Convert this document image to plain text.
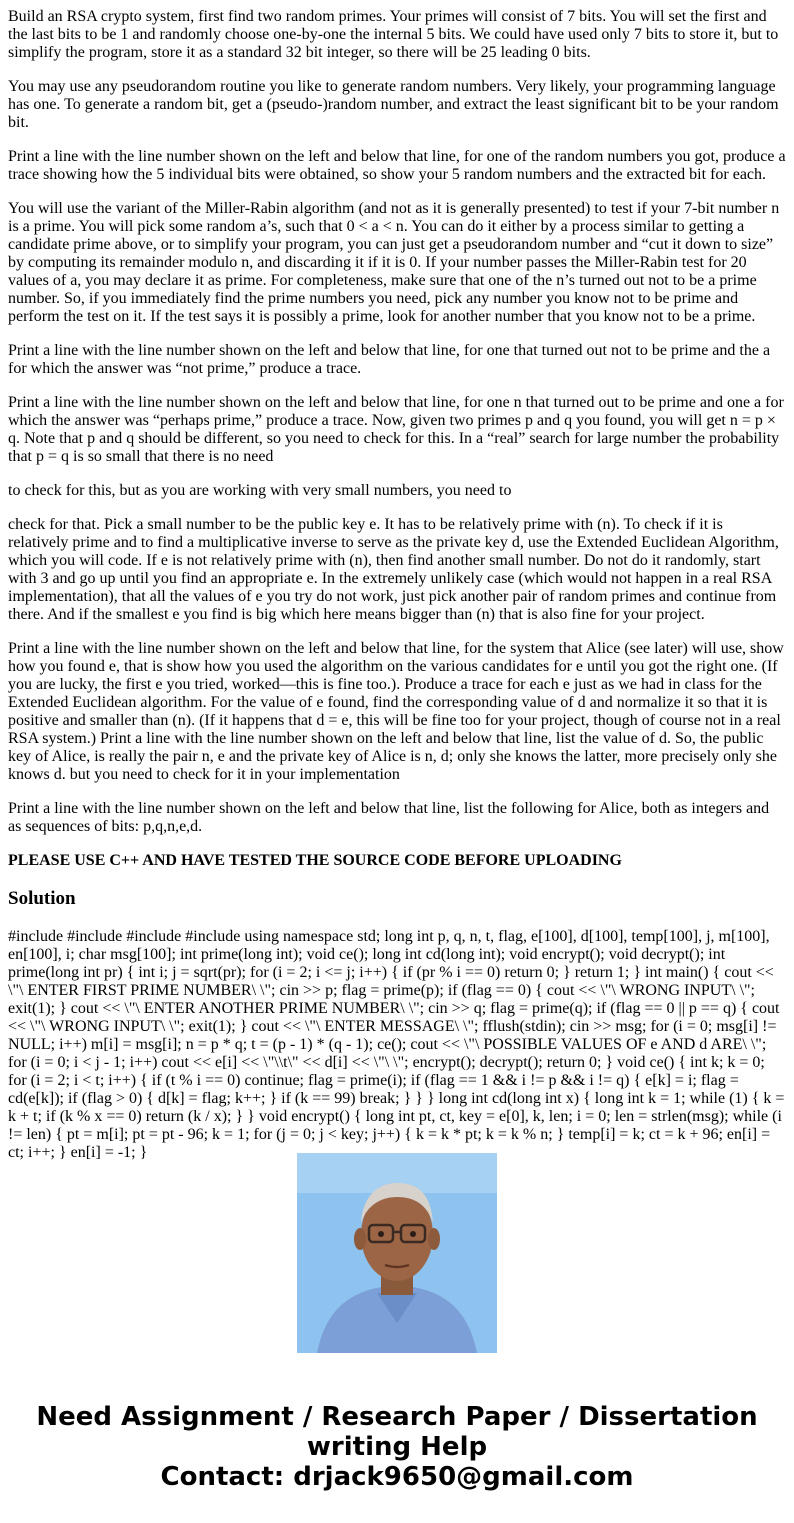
Build an RSA crypto system, first find two random primes. Your primes will consist of 7 bits. You will set the first and the last bits to be 1 and randomly choose one-by-one the internal 5 bits. We could have used only 7 bits to store it, but to simplify the program, store it as a standard 32 bit integer, so there will be 25 leading 0 bits.

You may use any pseudorandom routine you like to generate random numbers. Very likely, your programming language has one. To generate a random bit, get a (pseudo-)random number, and extract the least significant bit to be your random bit.

Print a line with the line number shown on the left and below that line, for one of the random numbers you got, produce a trace showing how the 5 individual bits were obtained, so show your 5 random numbers and the extracted bit for each.

You will use the variant of the Miller-Rabin algorithm (and not as it is generally presented) to test if your 7-bit number n is a prime. You will pick some random a’s, such that 0 < a < n. You can do it either by a process similar to getting a candidate prime above, or to simplify your program, you can just get a pseudorandom number and “cut it down to size” by computing its remainder modulo n, and discarding it if it is 0. If your number passes the Miller-Rabin test for 20 values of a, you may declare it as prime. For completeness, make sure that one of the n’s turned out not to be a prime number. So, if you immediately find the prime numbers you need, pick any number you know not to be prime and perform the test on it. If the test says it is possibly a prime, look for another number that you know not to be a prime.

Print a line with the line number shown on the left and below that line, for one that turned out not to be prime and the a for which the answer was “not prime,” produce a trace.

Print a line with the line number shown on the left and below that line, for one n that turned out to be prime and one a for which the answer was “perhaps prime,” produce a trace. Now, given two primes p and q you found, you will get n = p × q. Note that p and q should be different, so you need to check for this. In a “real” search for large number the probability that p = q is so small that there is no need

to check for this, but as you are working with very small numbers, you need to

check for that. Pick a small number to be the public key e. It has to be relatively prime with (n). To check if it is relatively prime and to find a multiplicative inverse to serve as the private key d, use the Extended Euclidean Algorithm, which you will code. If e is not relatively prime with (n), then find another small number. Do not do it randomly, start with 3 and go up until you find an appropriate e. In the extremely unlikely case (which would not happen in a real RSA implementation), that all the values of e you try do not work, just pick another pair of random primes and continue from there. And if the smallest e you find is big which here means bigger than (n) that is also fine for your project.

Print a line with the line number shown on the left and below that line, for the system that Alice (see later) will use, show how you found e, that is show how you used the algorithm on the various candidates for e until you got the right one. (If you are lucky, the first e you tried, worked—this is fine too.). Produce a trace for each e just as we had in class for the Extended Euclidean algorithm. For the value of e found, find the corresponding value of d and normalize it so that it is positive and smaller than (n). (If it happens that d = e, this will be fine too for your project, though of course not in a real RSA system.) Print a line with the line number shown on the left and below that line, list the value of d. So, the public key of Alice, is really the pair n, e and the private key of Alice is n, d; only she knows the latter, more precisely only she knows d. but you need to check for it in your implementation

Print a line with the line number shown on the left and below that line, list the following for Alice, both as integers and as sequences of bits: p,q,n,e,d.

PLEASE USE C++ AND HAVE TESTED THE SOURCE CODE BEFORE UPLOADING

Solution
#include #include #include #include using namespace std; long int p, q, n, t, flag, e[100], d[100], temp[100], j, m[100], en[100], i; char msg[100]; int prime(long int); void ce(); long int cd(long int); void encrypt(); void decrypt(); int prime(long int pr) { int i; j = sqrt(pr); for (i = 2; i <= j; i++) { if (pr % i == 0) return 0; } return 1; } int main() { cout << \"\ ENTER FIRST PRIME NUMBER\ \"; cin >> p; flag = prime(p); if (flag == 0) { cout << \"\ WRONG INPUT\ \"; exit(1); } cout << \"\ ENTER ANOTHER PRIME NUMBER\ \"; cin >> q; flag = prime(q); if (flag == 0 || p == q) { cout << \"\ WRONG INPUT\ \"; exit(1); } cout << \"\ ENTER MESSAGE\ \"; fflush(stdin); cin >> msg; for (i = 0; msg[i] != NULL; i++) m[i] = msg[i]; n = p * q; t = (p - 1) * (q - 1); ce(); cout << \"\ POSSIBLE VALUES OF e AND d ARE\ \"; for (i = 0; i < j - 1; i++) cout << e[i] << \"\\t\" << d[i] << \"\ \"; encrypt(); decrypt(); return 0; } void ce() { int k; k = 0; for (i = 2; i < t; i++) { if (t % i == 0) continue; flag = prime(i); if (flag == 1 && i != p && i != q) { e[k] = i; flag = cd(e[k]); if (flag > 0) { d[k] = flag; k++; } if (k == 99) break; } } } long int cd(long int x) { long int k = 1; while (1) { k = k + t; if (k % x == 0) return (k / x); } } void encrypt() { long int pt, ct, key = e[0], k, len; i = 0; len = strlen(msg); while (i != len) { pt = m[i]; pt = pt - 96; k = 1; for (j = 0; j < key; j++) { k = k * pt; k = k % n; } temp[i] = k; ct = k + 96; en[i] = ct; i++; } en[i] = -1; }
Need Assignment / Research Paper / Dissertation
writing Help
Contact: drjack9650@gmail.com
